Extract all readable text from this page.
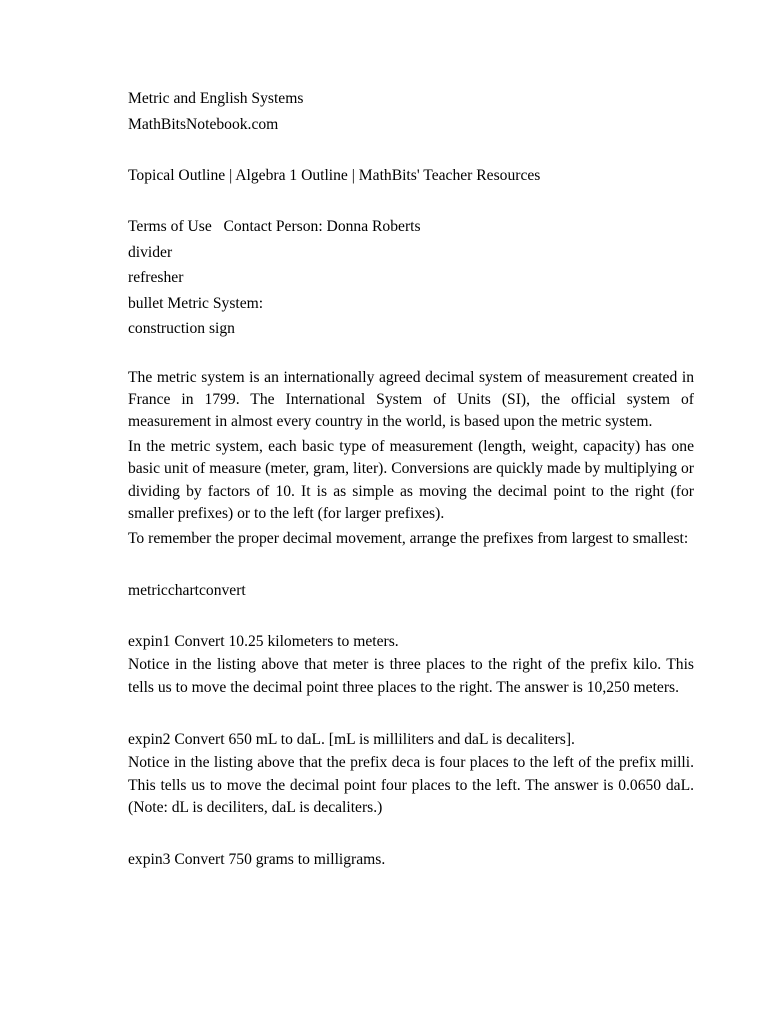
Metric and English Systems
MathBitsNotebook.com
Topical Outline | Algebra 1 Outline | MathBits' Teacher Resources
Terms of Use   Contact Person: Donna Roberts
divider
refresher
bullet Metric System:
construction sign

The metric system is an internationally agreed decimal system of measurement created in France in 1799. The International System of Units (SI), the official system of measurement in almost every country in the world, is based upon the metric system.

In the metric system, each basic type of measurement (length, weight, capacity) has one basic unit of measure (meter, gram, liter). Conversions are quickly made by multiplying or dividing by factors of 10. It is as simple as moving the decimal point to the right (for smaller prefixes) or to the left (for larger prefixes).

To remember the proper decimal movement, arrange the prefixes from largest to smallest:

metricchartconvert
expin1 Convert 10.25 kilometers to meters.

Notice in the listing above that meter is three places to the right of the prefix kilo. This tells us to move the decimal point three places to the right. The answer is 10,250 meters.

expin2 Convert 650 mL to daL. [mL is milliliters and daL is decaliters].

Notice in the listing above that the prefix deca is four places to the left of the prefix milli. This tells us to move the decimal point four places to the left. The answer is 0.0650 daL. (Note: dL is deciliters, daL is decaliters.)

expin3 Convert 750 grams to milligrams.
